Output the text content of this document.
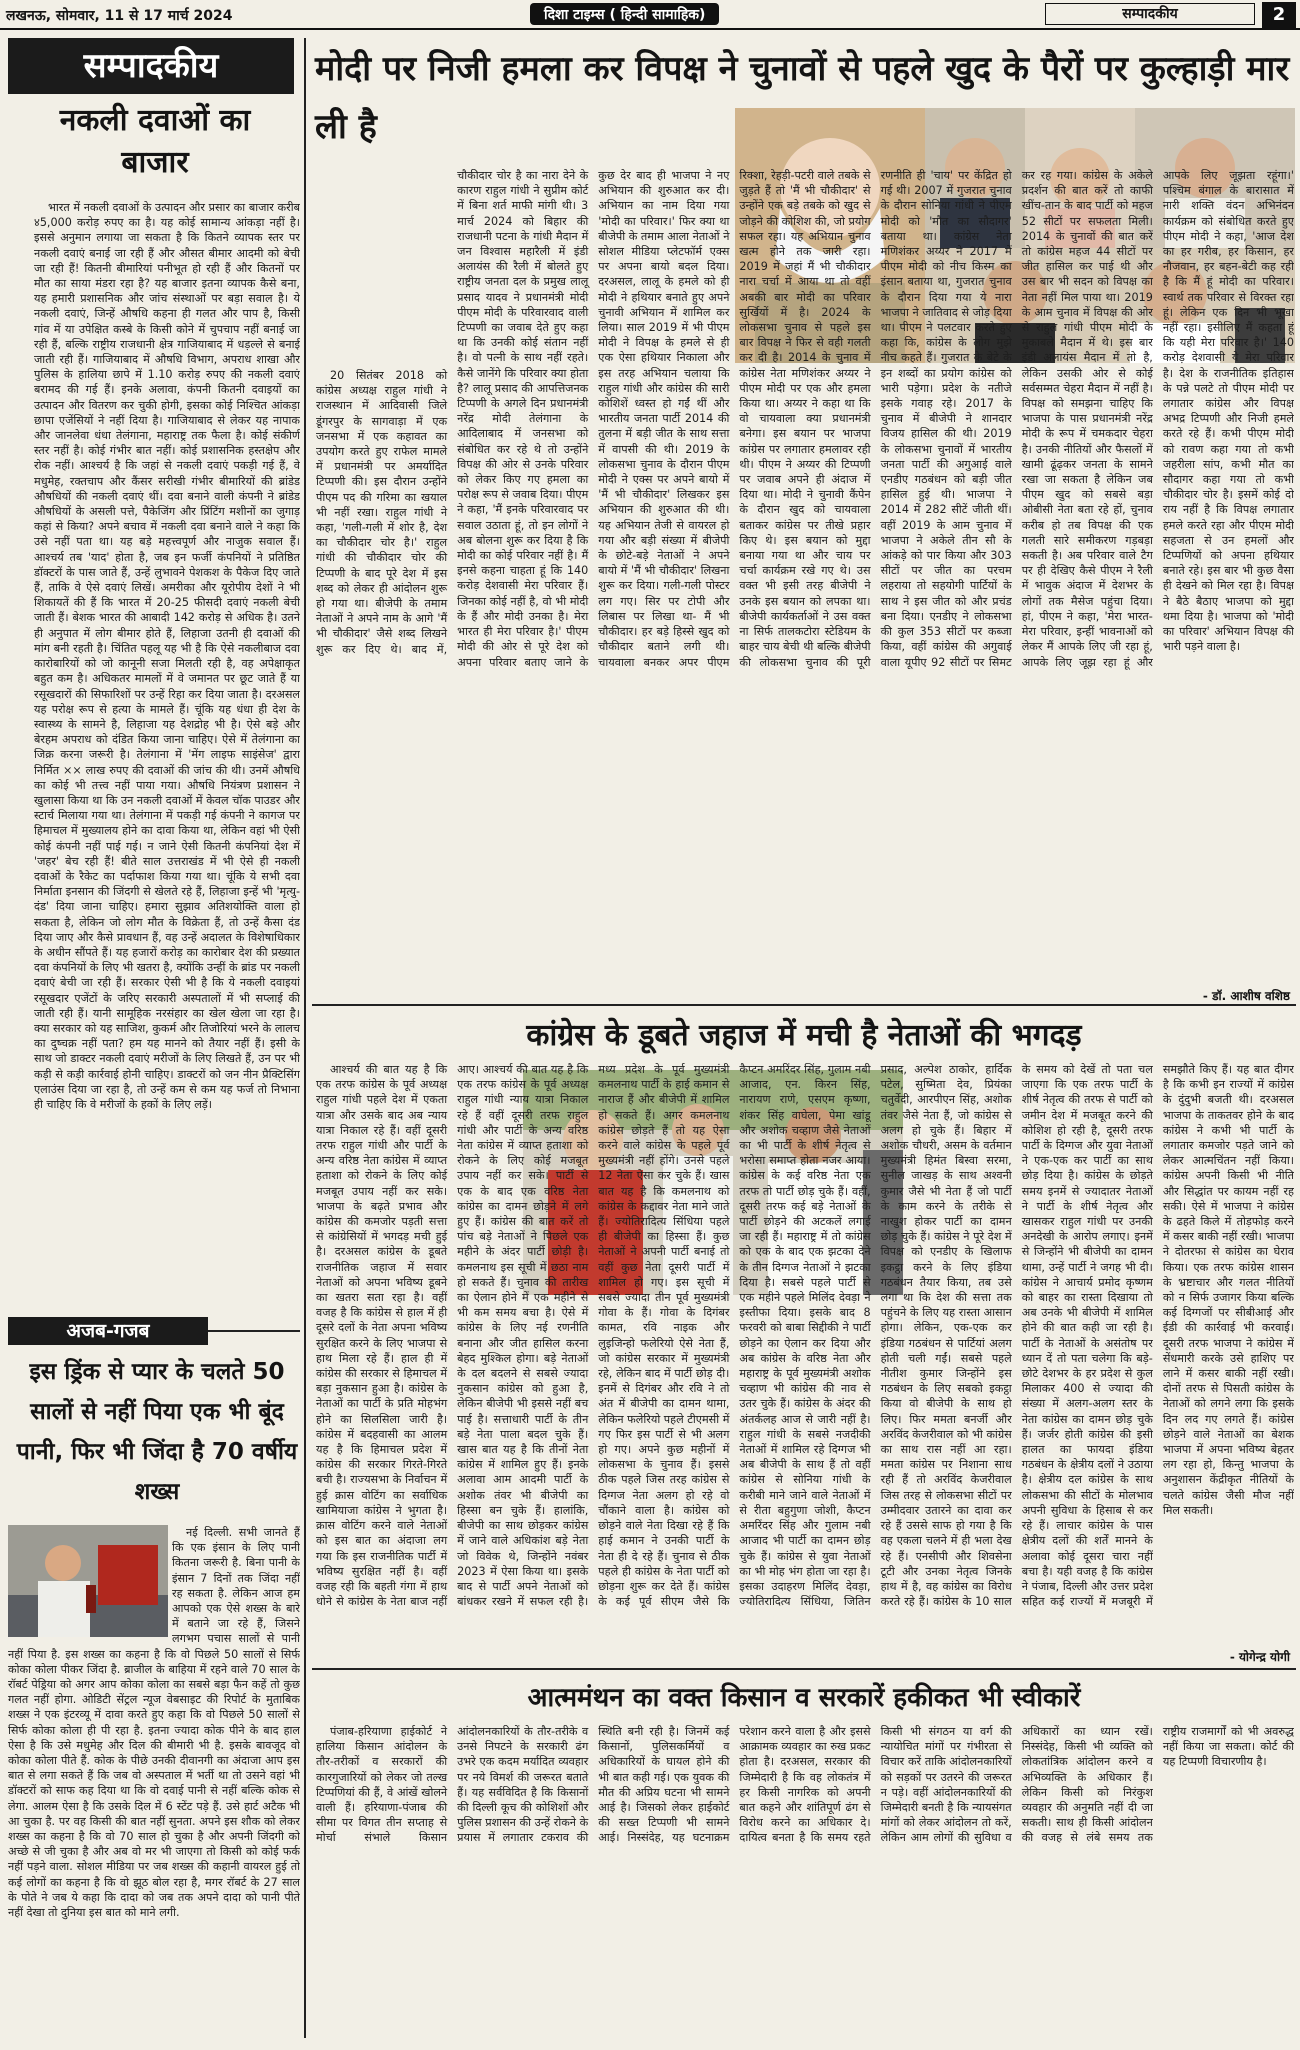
लखनऊ, सोमवार, 11 से 17 मार्च 2024	दिशा टाइम्स ( हिन्दी सामाहिक)	सम्पादकीय	2
सम्पादकीय
नकली दवाओं का बाजार

भारत में नकली दवाओं के उत्पादन और प्रसार का बाजार करीब ४5,000 करोड़ रुपए का है। यह कोई सामान्य आंकड़ा नहीं है। इससे अनुमान लगाया जा सकता है कि कितने व्यापक स्तर पर नकली दवाएं बनाई जा रही हैं और औसत बीमार आदमी को बेची जा रही हैं! कितनी बीमारियां पनीभूत हो रही हैं और कितनों पर मौत का साया मंडरा रहा है? यह बाजार इतना व्यापक कैसे बना, यह हमारी प्रशासनिक और जांच संस्थाओं पर बड़ा सवाल है। ये नकली दवाएं, जिन्हें औषधि कहना ही गलत और पाप है, किसी गांव में या उपेक्षित कस्बे के किसी कोने में चुपचाप नहीं बनाई जा रही हैं, बल्कि राष्ट्रीय राजधानी क्षेत्र गाजियाबाद में धड़ल्ले से बनाई जाती रही हैं। गाजियाबाद में औषधि विभाग, अपराध शाखा और पुलिस के हालिया छापे में 1.10 करोड़ रुपए की नकली दवाएं बरामद की गई हैं। इनके अलावा, कंपनी कितनी दवाइयों का उत्पादन और वितरण कर चुकी होगी, इसका कोई निश्चित आंकड़ा छापा एजेंसियों ने नहीं दिया है। गाजियाबाद से लेकर यह नापाक और जानलेवा धंधा तेलंगाना, महाराष्ट्र तक फैला है। कोई संकीर्ण स्तर नहीं है। कोई गंभीर बात नहीं। कोई प्रशासनिक हस्तक्षेप और रोक नहीं। आश्चर्य है कि जहां से नकली दवाएं पकड़ी गई हैं, वे मधुमेह, रक्तचाप और कैंसर सरीखी गंभीर बीमारियों की ब्रांडेड औषधियों की नकली दवाएं थीं। दवा बनाने वाली कंपनी ने ब्रांडेड औषधियों के असली पत्ते, पैकेजिंग और प्रिंटिंग मशीनों का जुगाड़ कहां से किया? अपने बचाव में नकली दवा बनाने वाले ने कहा कि उसे नहीं पता था। यह बड़े महत्त्वपूर्ण और नाजुक सवाल हैं। आश्चर्य तब 'याद' होता है, जब इन फर्जी कंपनियों ने प्रतिष्ठित डॉक्टरों के पास जाते हैं, उन्हें लुभावने पेशकश के पैकेज दिए जाते हैं, ताकि वे ऐसे दवाएं लिखें। अमरीका और यूरोपीय देशों ने भी शिकायतें की हैं कि भारत में 20-25 फीसदी दवाएं नकली बेची जाती हैं। बेशक भारत की आबादी 142 करोड़ से अधिक है। उतने ही अनुपात में लोग बीमार होते हैं, लिहाजा उतनी ही दवाओं की मांग बनी रहती है। चिंतित पहलू यह भी है कि ऐसे नकलीबाज दवा कारोबारियों को जो कानूनी सजा मिलती रही है, वह अपेक्षाकृत बहुत कम है। अधिकतर मामलों में वे जमानत पर छूट जाते हैं या रसूखदारों की सिफारिशों पर उन्हें रिहा कर दिया जाता है। दरअसल यह परोक्ष रूप से हत्या के मामले हैं। चूंकि यह धंधा ही देश के स्वास्थ्य के सामने है, लिहाजा यह देशद्रोह भी है। ऐसे बड़े और बेरहम अपराध को दंडित किया जाना चाहिए। ऐसे में तेलंगाना का जिक्र करना जरूरी है। तेलंगाना में 'मेंग लाइफ साइंसेज' द्वारा निर्मित ×× लाख रुपए की दवाओं की जांच की थी। उनमें औषधि का कोई भी तत्त्व नहीं पाया गया। औषधि नियंत्रण प्रशासन ने खुलासा किया था कि उन नकली दवाओं में केवल चॉक पाउडर और स्टार्च मिलाया गया था। तेलंगाना में पकड़ी गई कंपनी ने कागज पर हिमाचल में मुख्यालय होने का दावा किया था, लेकिन वहां भी ऐसी कोई कंपनी नहीं पाई गई। न जाने ऐसी कितनी कंपनियां देश में 'जहर' बेच रही हैं! बीते साल उत्तराखंड में भी ऐसे ही नकली दवाओं के रैकेट का पर्दाफाश किया गया था। चूंकि ये सभी दवा निर्माता इनसान की जिंदगी से खेलते रहे हैं, लिहाजा इन्हें भी 'मृत्यु-दंड' दिया जाना चाहिए। हमारा सुझाव अतिशयोक्ति वाला हो सकता है, लेकिन जो लोग मौत के विक्रेता हैं, तो उन्हें कैसा दंड दिया जाए और कैसे प्रावधान हैं, वह उन्हें अदालत के विशेषाधिकार के अधीन सौंपते हैं। यह हजारों करोड़ का कारोबार देश की प्रख्यात दवा कंपनियों के लिए भी खतरा है, क्योंकि उन्हीं के ब्रांड पर नकली दवाएं बेची जा रही हैं। सरकार ऐसी भी है कि ये नकली दवाइयां रसूखदार एजेंटों के जरिए सरकारी अस्पतालों में भी सप्लाई की जाती रही हैं। यानी सामूहिक नरसंहार का खेल खेला जा रहा है। क्या सरकार को यह साजिश, कुकर्म और तिजोरियां भरने के लालच का दुष्चक्र नहीं पता? हम यह मानने को तैयार नहीं हैं। इसी के साथ जो डाक्टर नकली दवाएं मरीजों के लिए लिखते हैं, उन पर भी कड़ी से कड़ी कार्रवाई होनी चाहिए। डाक्टरों को जन नीन प्रैक्टिसिंग एलाउंस दिया जा रहा है, तो उन्हें कम से कम यह फर्ज तो निभाना ही चाहिए कि वे मरीजों के हकों के लिए लड़ें।

अजब-गजब
इस ड्रिंक से प्यार के चलते 50 सालों से नहीं पिया एक भी बूंद पानी, फिर भी जिंदा है 70 वर्षीय शख्स

नई दिल्ली. सभी जानते हैं कि एक इंसान के लिए पानी कितना जरूरी है. बिना पानी के इंसान 7 दिनों तक जिंदा नहीं रह सकता है. लेकिन आज हम आपको एक ऐसे शख्स के बारे में बताने जा रहे हैं, जिसने लगभग पचास सालों से पानी नहीं पिया है. इस शख्स का कहना है कि वो पिछले 50 सालों से सिर्फ कोका कोला पीकर जिंदा है. ब्राजील के बाहिया में रहने वाले 70 साल के रॉबर्ट पेड्रिया को अगर आप कोका कोला का सबसे बड़ा फैन कहें तो कुछ गलत नहीं होगा. ओडिटी सेंट्रल न्यूज वेबसाइट की रिपोर्ट के मुताबिक शख्स ने एक इंटरव्यू में दावा करते हुए कहा कि वो पिछले 50 सालों से सिर्फ कोका कोला ही पी रहा है. इतना ज्यादा कोक पीने के बाद हाल ऐसा है कि उसे मधुमेह और दिल की बीमारी भी है. इसके बावजूद वो कोका कोला पीते हैं. कोक के पीछे उनकी दीवानगी का अंदाजा आप इस बात से लगा सकते हैं कि जब वो अस्पताल में भर्ती था तो उसने वहां भी डॉक्टरों को साफ कह दिया था कि वो दवाई पानी से नहीं बल्कि कोक से लेगा. आलम ऐसा है कि उसके दिल में 6 स्टेंट पड़े हैं. उसे हार्ट अटैक भी आ चुका है. पर वह किसी की बात नहीं सुनता. अपने इस शौक को लेकर शख्स का कहना है कि वो 70 साल हो चुका है और अपनी जिंदगी को अच्छे से जी चुका है और अब वो मर भी जाएगा तो किसी को कोई फर्क नहीं पड़ने वाला. सोशल मीडिया पर जब शख्स की कहानी वायरल हुई तो कई लोगों का कहना है कि वो झूठ बोल रहा है, मगर रॉबर्ट के 27 साल के पोते ने जब ये कहा कि दादा को जब तक अपने दादा को पानी पीते नहीं देखा तो दुनिया इस बात को माने लगी.

मोदी पर निजी हमला कर विपक्ष ने चुनावों से पहले खुद के पैरों पर कुल्हाड़ी मार ली है

20 सितंबर 2018 को कांग्रेस अध्यक्ष राहुल गांधी ने राजस्थान में आदिवासी जिले डूंगरपुर के सागवाड़ा में एक जनसभा में एक कहावत का उपयोग करते हुए राफेल मामले में प्रधानमंत्री पर अमर्यादित टिप्पणी की। इस दौरान उन्होंने पीएम पद की गरिमा का खयाल भी नहीं रखा। राहुल गांधी ने कहा, 'गली-गली में शोर है, देश का चौकीदार चोर है।' राहुल गांधी की चौकीदार चोर की टिप्पणी के बाद पूरे देश में इस शब्द को लेकर ही आंदोलन शुरू हो गया था। बीजेपी के तमाम नेताओं ने अपने नाम के आगे 'मैं भी चौकीदार' जैसे शब्द लिखने शुरू कर दिए थे। बाद में, चौकीदार चोर है का नारा देने के कारण राहुल गांधी ने सुप्रीम कोर्ट में बिना शर्त माफी मांगी थी। 3 मार्च 2024 को बिहार की राजधानी पटना के गांधी मैदान में जन विश्वास महारैली में इंडी अलायंस की रैली में बोलते हुए राष्ट्रीय जनता दल के प्रमुख लालू प्रसाद यादव ने प्रधानमंत्री मोदी पीएम मोदी के परिवारवाद वाली टिप्पणी का जवाब देते हुए कहा था कि उनकी कोई संतान नहीं है। वो पत्नी के साथ नहीं रहते। कैसे जानेंगे कि परिवार क्या होता है? लालू प्रसाद की आपत्तिजनक टिप्पणी के अगले दिन प्रधानमंत्री नरेंद्र मोदी तेलंगाना के आदिलाबाद में जनसभा को संबोधित कर रहे थे तो उन्होंने विपक्ष की ओर से उनके परिवार को लेकर किए गए हमला का परोक्ष रूप से जवाब दिया। पीएम ने कहा, 'मैं इनके परिवारवाद पर सवाल उठाता हूं, तो इन लोगों ने अब बोलना शुरू कर दिया है कि मोदी का कोई परिवार नहीं है। मैं इनसे कहना चाहता हूं कि 140 करोड़ देशवासी मेरा परिवार हैं। जिनका कोई नहीं है, वो भी मोदी के हैं और मोदी उनका है। मेरा भारत ही मेरा परिवार है।' पीएम मोदी की ओर से पूरे देश को अपना परिवार बताए जाने के कुछ देर बाद ही भाजपा ने नए अभियान की शुरुआत कर दी। अभियान का नाम दिया गया 'मोदी का परिवार।' फिर क्या था बीजेपी के तमाम आला नेताओं ने सोशल मीडिया प्लेटफॉर्म एक्स पर अपना बायो बदल दिया। दरअसल, लालू के हमले को ही मोदी ने हथियार बनाते हुए अपने चुनावी अभियान में शामिल कर लिया। साल 2019 में भी पीएम मोदी ने विपक्ष के हमले से ही एक ऐसा हथियार निकाला और इस तरह अभियान चलाया कि राहुल गांधी और कांग्रेस की सारी कोशिशें ध्वस्त हो गईं थीं और भारतीय जनता पार्टी 2014 की तुलना में बड़ी जीत के साथ सत्ता में वापसी की थी। 2019 के लोकसभा चुनाव के दौरान पीएम मोदी ने एक्स पर अपने बायो में 'मैं भी चौकीदार' लिखकर इस अभियान की शुरुआत की थी। यह अभियान तेजी से वायरल हो गया और बड़ी संख्या में बीजेपी के छोटे-बड़े नेताओं ने अपने बायो में 'मैं भी चौकीदार' लिखना शुरू कर दिया। गली-गली पोस्टर लग गए। सिर पर टोपी और लिबास पर लिखा था- मैं भी चौकीदार। हर बड़े हिस्से खुद को चौकीदार बताने लगी थी। चायवाला बनकर अपर पीएम रिक्शा, रेहड़ी-पटरी वाले तबके से जुड़ते हैं तो 'मैं भी चौकीदार' से उन्होंने एक बड़े तबके को खुद से जोड़ने की कोशिश की, जो प्रयोग सफल रहा। यह अभियान चुनाव खत्म होने तक जारी रहा। 2019 में जहां मैं भी चौकीदार नारा चर्चा में आया था तो वहीं अबकी बार मोदी का परिवार सुर्खियों में है। 2024 के लोकसभा चुनाव से पहले इस बार विपक्ष ने फिर से वही गलती कर दी है। 2014 के चुनाव में कांग्रेस नेता मणिशंकर अय्यर ने पीएम मोदी पर एक और हमला किया था। अय्यर ने कहा था कि वो चायवाला क्या प्रधानमंत्री बनेगा। इस बयान पर भाजपा कांग्रेस पर लगातार हमलावर रही थी। पीएम ने अय्यर की टिप्पणी पर जवाब अपने ही अंदाज में दिया था। मोदी ने चुनावी कैंपेन के दौरान खुद को चायवाला बताकर कांग्रेस पर तीखे प्रहार किए थे। इस बयान को मुद्दा बनाया गया था और चाय पर चर्चा कार्यक्रम रखे गए थे। उस वक्त भी इसी तरह बीजेपी ने उनके इस बयान को लपका था। बीजेपी कार्यकर्ताओं ने उस वक्त ना सिर्फ तालकटोरा स्टेडियम के बाहर चाय बेची थी बल्कि बीजेपी की लोकसभा चुनाव की पूरी रणनीति ही 'चाय' पर केंद्रित हो गई थी। 2007 में गुजरात चुनाव के दौरान सोनिया गांधी ने पीएम मोदी को 'मौत का सौदागर' बताया था। कांग्रेस नेता मणिशंकर अय्यर ने 2017 में पीएम मोदी को नीच किस्म का इंसान बताया था, गुजरात चुनाव के दौरान दिया गया ये नारा भाजपा ने जातिवाद से जोड़ दिया था। पीएम ने पलटवार करते हुए कहा कि, कांग्रेस के लोग मुझे नीच कहते हैं। गुजरात के बेटे के इन शब्दों का प्रयोग कांग्रेस को भारी पड़ेगा। प्रदेश के नतीजे इसके गवाह रहे। 2017 के चुनाव में बीजेपी ने शानदार विजय हासिल की थी। 2019 के लोकसभा चुनावों में भारतीय जनता पार्टी की अगुआई वाले एनडीए गठबंधन को बड़ी जीत हासिल हुई थी। भाजपा ने 2014 में 282 सीटें जीती थीं। वहीं 2019 के आम चुनाव में भाजपा ने अकेले तीन सौ के आंकड़े को पार किया और 303 सीटों पर जीत का परचम लहराया तो सहयोगी पार्टियों के साथ ने इस जीत को और प्रचंड बना दिया। एनडीए ने लोकसभा की कुल 353 सीटों पर कब्जा किया, वहीं कांग्रेस की अगुवाई वाला यूपीए 92 सीटों पर सिमट कर रह गया। कांग्रेस के अकेले प्रदर्शन की बात करें तो काफी खींच-तान के बाद पार्टी को महज 52 सीटों पर सफलता मिली। 2014 के चुनावों की बात करें तो कांग्रेस महज 44 सीटों पर जीत हासिल कर पाई थी और उस बार भी सदन को विपक्ष का नेता नहीं मिल पाया था। 2019 के आम चुनाव में विपक्ष की ओर से राहुल गांधी पीएम मोदी के मुकाबले मैदान में थे। इस बार इंडी अलायंस मैदान में तो है, लेकिन उसकी ओर से कोई सर्वसम्मत चेहरा मैदान में नहीं है। विपक्ष को समझना चाहिए कि भाजपा के पास प्रधानमंत्री नरेंद्र मोदी के रूप में चमकदार चेहरा है। उनकी नीतियों और फैसलों में खामी ढूंढ़कर जनता के सामने रखा जा सकता है लेकिन जब पीएम खुद को सबसे बड़ा ओबीसी नेता बता रहे हों, चुनाव करीब हो तब विपक्ष की एक गलती सारे समीकरण गड़बड़ा सकती है। अब परिवार वाले टैग पर ही देखिए कैसे पीएम ने रैली में भावुक अंदाज में देशभर के लोगों तक मैसेज पहुंचा दिया। हां, पीएम ने कहा, 'मेरा भारत-मेरा परिवार, इन्हीं भावनाओं को लेकर मैं आपके लिए जी रहा हूं, आपके लिए जूझ रहा हूं और आपके लिए जूझता रहूंगा।' पश्चिम बंगाल के बारासात में नारी शक्ति वंदन अभिनंदन कार्यक्रम को संबोधित करते हुए पीएम मोदी ने कहा, 'आज देश का हर गरीब, हर किसान, हर नौजवान, हर बहन-बेटी कह रही है कि मैं हूं मोदी का परिवार। स्वार्थ तक परिवार से विरक्त रहा हूं। लेकिन एक दिन भी भूखा नहीं रहा। इसीलिए मैं कहता हूं कि यही मेरा परिवार है।' 140 करोड़ देशवासी ये मेरा परिवार है। देश के राजनीतिक इतिहास के पन्ने पलटे तो पीएम मोदी पर लगातार कांग्रेस और विपक्ष अभद्र टिप्पणी और निजी हमले करते रहे हैं। कभी पीएम मोदी को रावण कहा गया तो कभी जहरीला सांप, कभी मौत का सौदागर कहा गया तो कभी चौकीदार चोर है। इसमें कोई दो राय नहीं है कि विपक्ष लगातार हमले करते रहा और पीएम मोदी सहजता से उन हमलों और टिप्पणियों को अपना हथियार बनाते रहे। इस बार भी कुछ वैसा ही देखने को मिल रहा है। विपक्ष ने बैठे बैठाए भाजपा को मुद्दा थमा दिया है। भाजपा को 'मोदी का परिवार' अभियान विपक्ष की भारी पड़ने वाला है।

- डॉ. आशीष वशिष्ठ
कांग्रेस के डूबते जहाज में मची है नेताओं की भगदड़

आश्चर्य की बात यह है कि एक तरफ कांग्रेस के पूर्व अध्यक्ष राहुल गांधी पहले देश में एकता यात्रा और उसके बाद अब न्याय यात्रा निकाल रहे हैं। वहीं दूसरी तरफ राहुल गांधी और पार्टी के अन्य वरिष्ठ नेता कांग्रेस में व्याप्त हताशा को रोकने के लिए कोई मजबूत उपाय नहीं कर सके। भाजपा के बढ़ते प्रभाव और कांग्रेस की कमजोर पड़ती सत्ता से कांग्रेसियों में भगदड़ मची हुई है। दरअसल कांग्रेस के डूबते राजनीतिक जहाज में सवार नेताओं को अपना भविष्य डूबने का खतरा सता रहा है। वहीं वजह है कि कांग्रेस से हाल में ही दूसरे दलों के नेता अपना भविष्य सुरक्षित करने के लिए भाजपा से हाथ मिला रहे हैं। हाल ही में कांग्रेस की सरकार से हिमाचल में बड़ा नुकसान हुआ है। कांग्रेस के नेताओं का पार्टी के प्रति मोहभंग होने का सिलसिला जारी है। कांग्रेस में बदहवासी का आलम यह है कि हिमाचल प्रदेश में कांग्रेस की सरकार गिरते-गिरते बची है। राज्यसभा के निर्वाचन में हुई क्रास वोटिंग का सर्वाधिक खामियाजा कांग्रेस ने भुगता है। क्रास वोटिंग करने वाले नेताओं को इस बात का अंदाजा लग गया कि इस राजनीतिक पार्टी में भविष्य सुरक्षित नहीं है। वहीं वजह रही कि बहती गंगा में हाथ धोने से कांग्रेस के नेता बाज नहीं आए। आश्चर्य की बात यह है कि एक तरफ कांग्रेस के पूर्व अध्यक्ष राहुल गांधी न्याय यात्रा निकाल रहे हैं वहीं दूसरी तरफ राहुल गांधी और पार्टी के अन्य वरिष्ठ नेता कांग्रेस में व्याप्त हताशा को रोकने के लिए कोई मजबूत उपाय नहीं कर सके। पार्टी से एक के बाद एक वरिष्ठ नेता कांग्रेस का दामन छोड़ने में लगे हुए हैं। कांग्रेस की बात करें तो पांच बड़े नेताओं ने पिछले एक महीने के अंदर पार्टी छोड़ी है। कमलनाथ इस सूची में छठा नाम हो सकते हैं। चुनाव की तारीख का ऐलान होने में एक महीने से भी कम समय बचा है। ऐसे में कांग्रेस के लिए नई रणनीति बनाना और जीत हासिल करना बेहद मुश्किल होगा। बड़े नेताओं के दल बदलने से सबसे ज्यादा नुकसान कांग्रेस को हुआ है, लेकिन बीजेपी भी इससे नहीं बच पाई है। सत्ताधारी पार्टी के तीन बड़े नेता पाला बदल चुके हैं। खास बात यह है कि तीनों नेता कांग्रेस में शामिल हुए हैं। इनके अलावा आम आदमी पार्टी के अशोक तंवर भी बीजेपी का हिस्सा बन चुके हैं। हालांकि, बीजेपी का साथ छोड़कर कांग्रेस में जाने वाले अधिकांश बड़े नेता जो विवेक थे, जिन्होंने नवंबर 2023 में ऐसा किया था। इसके बाद से पार्टी अपने नेताओं को बांधकर रखने में सफल रही है। मध्य प्रदेश के पूर्व मुख्यमंत्री कमलनाथ पार्टी के हाई कमान से नाराज हैं और बीजेपी में शामिल हो सकते हैं। अगर कमलनाथ कांग्रेस छोड़ते हैं तो यह ऐसा करने वाले कांग्रेस के पहले पूर्व मुख्यमंत्री नहीं होंगे। उनसे पहले 12 नेता ऐसा कर चुके हैं। खास बात यह है कि कमलनाथ को कांग्रेस के कद्दावर नेता माने जाते हैं। ज्योतिरादित्य सिंधिया पहले ही बीजेपी का हिस्सा हैं। कुछ नेताओं ने अपनी पार्टी बनाई तो वहीं कुछ नेता दूसरी पार्टी में शामिल हो गए। इस सूची में सबसे ज्यादा तीन पूर्व मुख्यमंत्री गोवा के हैं। गोवा के दिगंबर कामत, रवि नाइक और लुइजिन्हो फलेरियो ऐसे नेता हैं, जो कांग्रेस सरकार में मुख्यमंत्री रहे, लेकिन बाद में पार्टी छोड़ दी। इनमें से दिगंबर और रवि ने तो अंत में बीजेपी का दामन थामा, लेकिन फलेरियो पहले टीएमसी में गए फिर इस पार्टी से भी अलग हो गए। अपने कुछ महीनों में लोकसभा के चुनाव हैं। इससे ठीक पहले जिस तरह कांग्रेस से दिग्गज नेता अलग हो रहे वो चौंकाने वाला है। कांग्रेस को छोड़ने वाले नेता दिखा रहे हैं कि हाई कमान ने उनकी पार्टी के नेता ही दे रहे हैं। चुनाव से ठीक पहले ही कांग्रेस के नेता पार्टी को छोड़ना शुरू कर देते हैं। कांग्रेस के कई पूर्व सीएम जैसे कि कैप्टन अमरिंदर सिंह, गुलाम नबी आजाद, एन. किरन सिंह, नारायण राणे, एसएम कृष्णा, शंकर सिंह वाघेला, पेमा खांडू और अशोक चव्हाण जैसे नेताओं का भी पार्टी के शीर्ष नेतृत्व से भरोसा समाप्त होता नजर आया। कांग्रेस के कई वरिष्ठ नेता एक तरफ तो पार्टी छोड़ चुके हैं। वहीं, दूसरी तरफ कई बड़े नेताओं के पार्टी छोड़ने की अटकलें लगाई जा रही हैं। महाराष्ट्र में तो कांग्रेस को एक के बाद एक झटका देने के तीन दिग्गज नेताओं ने झटका दिया है। सबसे पहले पार्टी से एक महीने पहले मिलिंद देवड़ा ने इस्तीफा दिया। इसके बाद 8 फरवरी को बाबा सिद्दीकी ने पार्टी छोड़ने का ऐलान कर दिया और अब कांग्रेस के वरिष्ठ नेता और महाराष्ट्र के पूर्व मुख्यमंत्री अशोक चव्हाण भी कांग्रेस की नाव से उतर चुके हैं। कांग्रेस के अंदर की अंतर्कलह आज से जारी नहीं है। राहुल गांधी के सबसे नजदीकी नेताओं में शामिल रहे दिग्गज भी अब बीजेपी के साथ हैं तो वहीं कांग्रेस से सोनिया गांधी के करीबी माने जाने वाले नेताओं में से रीता बहुगुणा जोशी, कैप्टन अमरिंदर सिंह और गुलाम नबी आजाद भी पार्टी का दामन छोड़ चुके हैं। कांग्रेस से युवा नेताओं का भी मोह भंग होता जा रहा है। इसका उदाहरण मिलिंद देवड़ा, ज्योतिरादित्य सिंधिया, जितिन प्रसाद, अल्पेश ठाकोर, हार्दिक पटेल, सुष्मिता देव, प्रियंका चतुर्वेदी, आरपीएन सिंह, अशोक तंवर जैसे नेता हैं, जो कांग्रेस से अलग हो चुके हैं। बिहार में अशोक चौधरी, असम के वर्तमान मुख्यमंत्री हिमंत बिस्वा सरमा, सुनील जाखड़ के साथ अश्वनी कुमार जैसे भी नेता हैं जो पार्टी के काम करने के तरीके से नाखुश होकर पार्टी का दामन छोड़ चुके हैं। कांग्रेस ने पूरे देश में विपक्ष को एनडीए के खिलाफ इकट्ठा करने के लिए इंडिया गठबंधन तैयार किया, तब उसे लगा था कि देश की सत्ता तक पहुंचने के लिए यह रास्ता आसान होगा। लेकिन, एक-एक कर इंडिया गठबंधन से पार्टियां अलग होती चली गईं। सबसे पहले नीतीश कुमार जिन्होंने इस गठबंधन के लिए सबको इकट्ठा किया वो बीजेपी के साथ हो लिए। फिर ममता बनर्जी और अरविंद केजरीवाल को भी कांग्रेस का साथ रास नहीं आ रहा। ममता कांग्रेस पर निशाना साध रही हैं तो अरविंद केजरीवाल जिस तरह से लोकसभा सीटों पर उम्मीदवार उतारने का दावा कर रहे हैं उससे साफ हो गया है कि वह एकला चलने में ही भला देख रहे हैं। एनसीपी और शिवसेना टूटी और उनका नेतृत्व जिनके हाथ में है, वह कांग्रेस का विरोध करते रहे हैं। कांग्रेस के 10 साल के समय को देखें तो पता चल जाएगा कि एक तरफ पार्टी के शीर्ष नेतृत्व की तरफ से पार्टी को जमीन देश में मजबूत करने की कोशिश हो रही है, दूसरी तरफ पार्टी के दिग्गज और युवा नेताओं ने एक-एक कर पार्टी का साथ छोड़ दिया है। कांग्रेस के छोड़ते समय इनमें से ज्यादातर नेताओं ने पार्टी के शीर्ष नेतृत्व और खासकर राहुल गांधी पर उनकी अनदेखी के आरोप लगाए। इनमें से जिन्होंने भी बीजेपी का दामन थामा, उन्हें पार्टी ने जगह भी दी। कांग्रेस ने आचार्य प्रमोद कृष्णम को बाहर का रास्ता दिखाया तो अब उनके भी बीजेपी में शामिल होने की बात कही जा रही है। पार्टी के नेताओं के असंतोष पर ध्यान दें तो पता चलेगा कि बड़े-छोटे देशभर के हर प्रदेश से कुल मिलाकर 400 से ज्यादा की संख्या में अलग-अलग स्तर के नेता कांग्रेस का दामन छोड़ चुके हैं। जर्जर होती कांग्रेस की इसी हालत का फायदा इंडिया गठबंधन के क्षेत्रीय दलों ने उठाया है। क्षेत्रीय दल कांग्रेस के साथ लोकसभा की सीटों के मोलभाव अपनी सुविधा के हिसाब से कर रहे हैं। लाचार कांग्रेस के पास क्षेत्रीय दलों की शर्तें मानने के अलावा कोई दूसरा चारा नहीं बचा है। यही वजह है कि कांग्रेस ने पंजाब, दिल्ली और उत्तर प्रदेश सहित कई राज्यों में मजबूरी में समझौते किए हैं। यह बात दीगर है कि कभी इन राज्यों में कांग्रेस के दुंदुभी बजती थी। दरअसल भाजपा के ताकतवर होने के बाद कांग्रेस ने कभी भी पार्टी के लगातार कमजोर पड़ते जाने को लेकर आत्मचिंतन नहीं किया। कांग्रेस अपनी किसी भी नीति और सिद्धांत पर कायम नहीं रह सकी। ऐसे में भाजपा ने कांग्रेस के ढहते किले में तोड़फोड़ करने में कसर बाकी नहीं रखी। भाजपा ने दोतरफा से कांग्रेस का घेराव किया। एक तरफ कांग्रेस शासन के भ्रष्टाचार और गलत नीतियों को न सिर्फ उजागर किया बल्कि कई दिग्गजों पर सीबीआई और ईडी की कार्रवाई भी करवाई। दूसरी तरफ भाजपा ने कांग्रेस में सेंधमारी करके उसे हाशिए पर लाने में कसर बाकी नहीं रखी। दोनों तरफ से पिसती कांग्रेस के नेताओं को लगने लगा कि इसके दिन लद गए लगते हैं। कांग्रेस छोड़ने वाले नेताओं का बेशक भाजपा में अपना भविष्य बेहतर लग रहा हो, किन्तु भाजपा के अनुशासन केंद्रीकृत नीतियों के चलते कांग्रेस जैसी मौज नहीं मिल सकती।

- योगेन्द्र योगी
आत्ममंथन का वक्त किसान व सरकारें हकीकत भी स्वीकारें

पंजाब-हरियाणा हाईकोर्ट ने हालिया किसान आंदोलन के तौर-तरीकों व सरकारों की कारगुजारियों को लेकर जो तल्ख टिप्पणियां की हैं, वे आंखें खोलने वाली हैं। हरियाणा-पंजाब की सीमा पर विगत तीन सप्ताह से मोर्चा संभाले किसान आंदोलनकारियों के तौर-तरीके व उनसे निपटने के सरकारी ढंग उभरे एक कदम मर्यादित व्यवहार पर नये विमर्श की जरूरत बताते हैं। यह सर्वविदित है कि किसानों की दिल्ली कूच की कोशिशों और पुलिस प्रशासन की उन्हें रोकने के प्रयास में लगातार टकराव की स्थिति बनी रही है। जिनमें कई किसानों, पुलिसकर्मियों व अधिकारियों के घायल होने की भी बात कही गई। एक युवक की मौत की अप्रिय घटना भी सामने आई है। जिसको लेकर हाईकोर्ट की सख्त टिप्पणी भी सामने आई। निस्संदेह, यह घटनाक्रम परेशान करने वाला है और इससे आक्रामक व्यवहार का रुख प्रकट होता है। दरअसल, सरकार की जिम्मेदारी है कि वह लोकतंत्र में हर किसी नागरिक को अपनी बात कहने और शांतिपूर्ण ढंग से विरोध करने का अधिकार दे। दायित्व बनता है कि समय रहते किसी भी संगठन या वर्ग की न्यायोचित मांगों पर गंभीरता से विचार करें ताकि आंदोलनकारियों को सड़कों पर उतरने की जरूरत न पड़े। वहीं आंदोलनकारियों की जिम्मेदारी बनती है कि न्यायसंगत मांगों को लेकर आंदोलन तो करें, लेकिन आम लोगों की सुविधा व अधिकारों का ध्यान रखें। निस्संदेह, किसी भी व्यक्ति को लोकतांत्रिक आंदोलन करने व अभिव्यक्ति के अधिकार हैं। लेकिन किसी को निरंकुश व्यवहार की अनुमति नहीं दी जा सकती। साथ ही किसी आंदोलन की वजह से लंबे समय तक राष्ट्रीय राजमार्गों को भी अवरुद्ध नहीं किया जा सकता। कोर्ट की यह टिप्पणी विचारणीय है।
